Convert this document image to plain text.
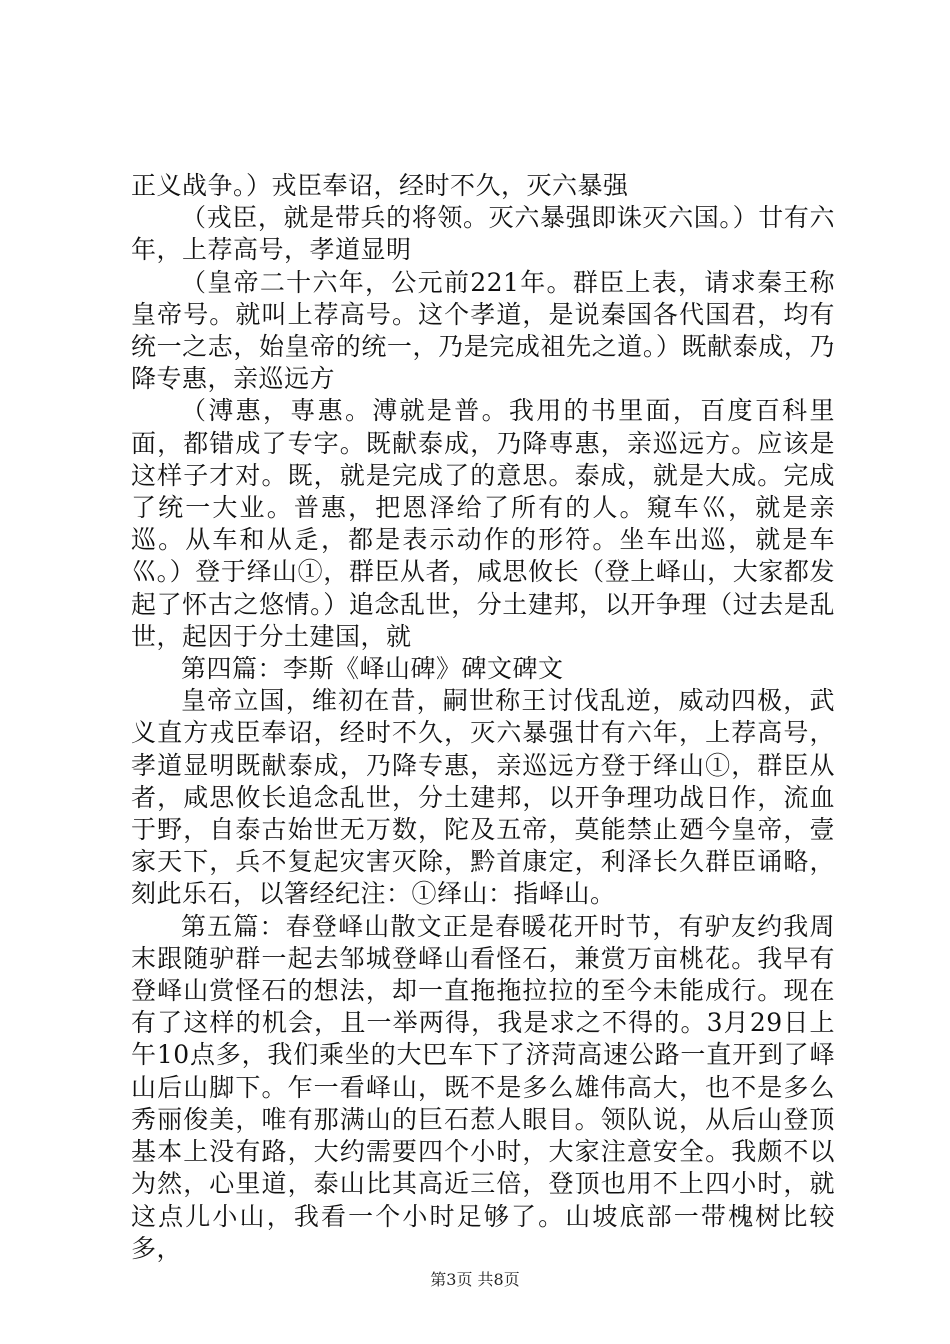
正义战争。）戎臣奉诏，经时不久，灭六暴强

（戎臣，就是带兵的将领。灭六暴强即诛灭六国。）廿有六年，上荐高号，孝道显明

（皇帝二十六年，公元前221年。群臣上表，请求秦王称皇帝号。就叫上荐高号。这个孝道，是说秦国各代国君，均有统一之志，始皇帝的统一，乃是完成祖先之道。）既献泰成，乃降专惠，亲巡远方

（溥惠，専惠。溥就是普。我用的书里面，百度百科里面，都错成了专字。既献泰成，乃降専惠，亲巡远方。应该是这样子才对。既，就是完成了的意思。泰成，就是大成。完成了统一大业。普惠，把恩泽给了所有的人。窺车巛，就是亲巡。从车和从辵，都是表示动作的形符。坐车出巡，就是车巛。）登于绎山①，群臣从者，咸思攸长（登上峄山，大家都发起了怀古之悠情。）追念乱世，分土建邦，以开争理（过去是乱世，起因于分土建国，就

第四篇：李斯《峄山碑》碑文碑文

皇帝立国，维初在昔，嗣世称王讨伐乱逆，威动四极，武义直方戎臣奉诏，经时不久，灭六暴强廿有六年，上荐高号，孝道显明既献泰成，乃降专惠，亲巡远方登于绎山①，群臣从者，咸思攸长追念乱世，分土建邦，以开争理功战日作，流血于野，自泰古始世无万数，陀及五帝，莫能禁止廼今皇帝，壹家天下，兵不复起灾害灭除，黔首康定，利泽长久群臣诵略，刻此乐石，以箸经纪注：①绎山：指峄山。

第五篇：春登峄山散文正是春暖花开时节，有驴友约我周末跟随驴群一起去邹城登峄山看怪石，兼赏万亩桃花。我早有登峄山赏怪石的想法，却一直拖拖拉拉的至今未能成行。现在有了这样的机会，且一举两得，我是求之不得的。3月29日上午10点多，我们乘坐的大巴车下了济菏高速公路一直开到了峄山后山脚下。乍一看峄山，既不是多么雄伟高大，也不是多么秀丽俊美，唯有那满山的巨石惹人眼目。领队说，从后山登顶基本上没有路，大约需要四个小时，大家注意安全。我颇不以为然，心里道，泰山比其高近三倍，登顶也用不上四小时，就这点儿小山，我看一个小时足够了。山坡底部一带槐树比较多，

第3页 共8页
